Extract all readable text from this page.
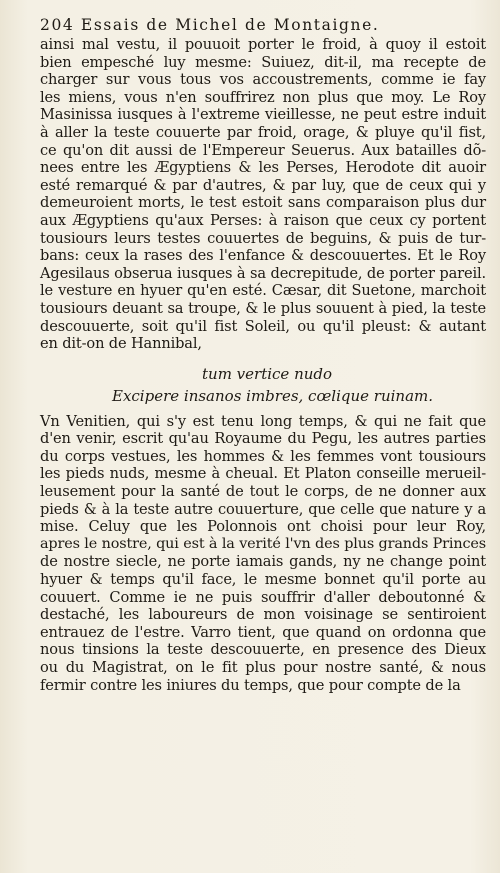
204 Essais de Michel de Montaigne.
ainsi mal vestu, il pouuoit porter le froid, à quoy il estoit
bien empesché luy mesme: Suiuez, dit-il, ma recepte de
charger sur vous tous vos accoustrements, comme ie fay
les miens, vous n'en souffrirez non plus que moy. Le Roy
Masinissa iusques à l'extreme vieillesse, ne peut estre induit
à aller la teste couuerte par froid, orage, & pluye qu'il fist,
ce qu'on dit aussi de l'Empereur Seuerus. Aux batailles dõ-
nees entre les Ægyptiens & les Perses, Herodote dit auoir
esté remarqué & par d'autres, & par luy, que de ceux qui y
demeuroient morts, le test estoit sans comparaison plus dur
aux Ægyptiens qu'aux Perses: à raison que ceux cy portent
tousiours leurs testes couuertes de beguins, & puis de tur-
bans: ceux la rases des l'enfance & descouuertes. Et le Roy
Agesilaus obserua iusques à sa decrepitude, de porter pareil.
le vesture en hyuer qu'en esté. Cæsar, dit Suetone, marchoit
tousiours deuant sa troupe, & le plus souuent à pied, la teste
descouuerte, soit qu'il fist Soleil, ou qu'il pleust: & autant
en dit-on de Hannibal,
tum vertice nudo
Excipere insanos imbres, cœlique ruinam.
Vn Venitien, qui s'y est tenu long temps, & qui ne fait que
d'en venir, escrit qu'au Royaume du Pegu, les autres parties
du corps vestues, les hommes & les femmes vont tousiours
les pieds nuds, mesme à cheual. Et Platon conseille merueil-
leusement pour la santé de tout le corps, de ne donner aux
pieds & à la teste autre couuerture, que celle que nature y a
mise. Celuy que les Polonnois ont choisi pour leur Roy,
apres le nostre, qui est à la verité l'vn des plus grands Princes
de nostre siecle, ne porte iamais gands, ny ne change point
hyuer & temps qu'il face, le mesme bonnet qu'il porte au
couuert. Comme ie ne puis souffrir d'aller deboutonné &
destaché, les laboureurs de mon voisinage se sentiroient
entrauez de l'estre. Varro tient, que quand on ordonna que
nous tinsions la teste descouuerte, en presence des Dieux
ou du Magistrat, on le fit plus pour nostre santé, & nous
fermir contre les iniures du temps, que pour compte de la
